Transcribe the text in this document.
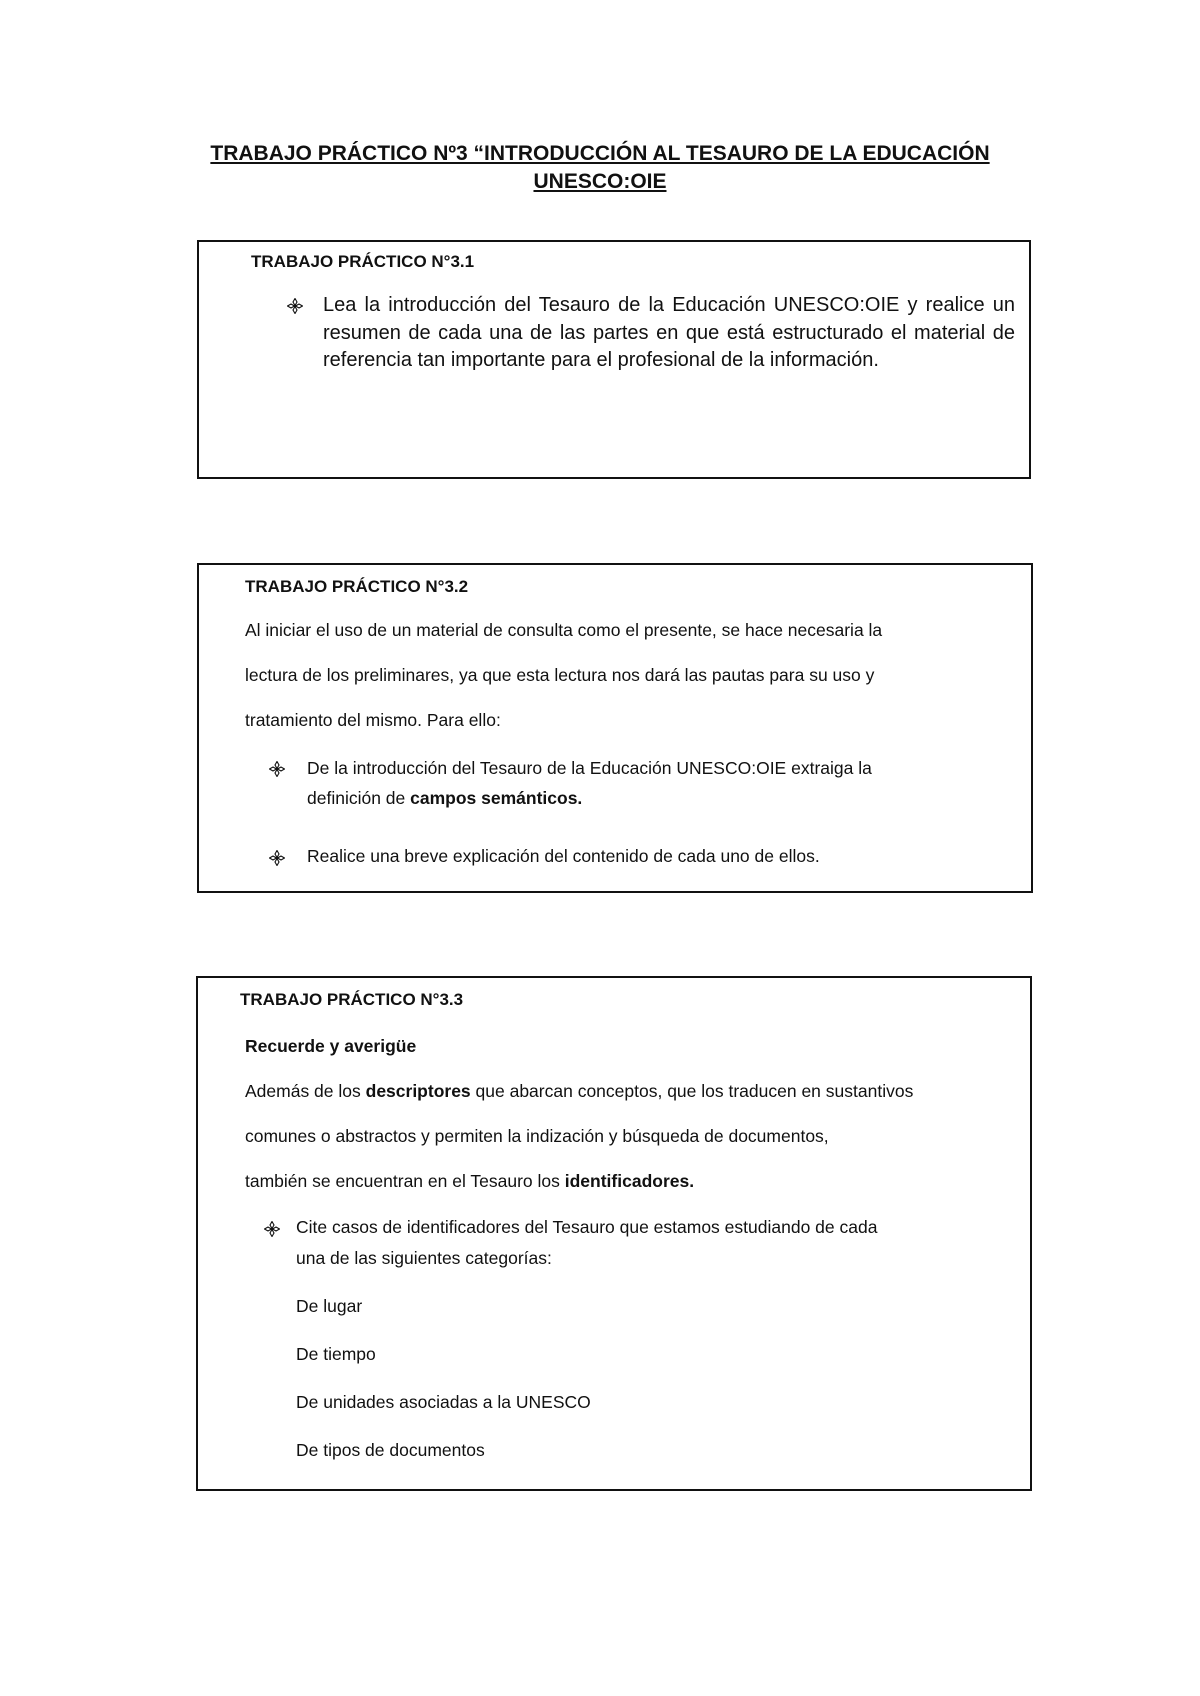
TRABAJO PRÁCTICO Nº3 “INTRODUCCIÓN AL TESAURO DE LA EDUCACIÓN
UNESCO:OIE
TRABAJO PRÁCTICO N°3.1

Lea la introducción del Tesauro de la Educación UNESCO:OIE y realice un resumen de cada una de las partes en que está estructurado el material de referencia tan importante para el profesional de la información.

TRABAJO PRÁCTICO N°3.2

Al iniciar el uso de un material de consulta como el presente, se hace necesaria la

lectura de los preliminares, ya que esta lectura nos dará las pautas para su uso y

tratamiento del mismo. Para ello:

De la introducción del Tesauro de la Educación UNESCO:OIE extraiga la

definición de campos semánticos.

Realice una breve explicación del contenido de cada uno de ellos.

TRABAJO PRÁCTICO N°3.3

Recuerde y averigüe

Además de los descriptores que abarcan conceptos, que los traducen en sustantivos

comunes o abstractos y permiten la indización y búsqueda de documentos,

también se encuentran en el Tesauro los identificadores.

Cite casos de identificadores del Tesauro que estamos estudiando de cada

una de las siguientes categorías:

De lugar

De tiempo

De unidades asociadas a la UNESCO

De tipos de documentos
